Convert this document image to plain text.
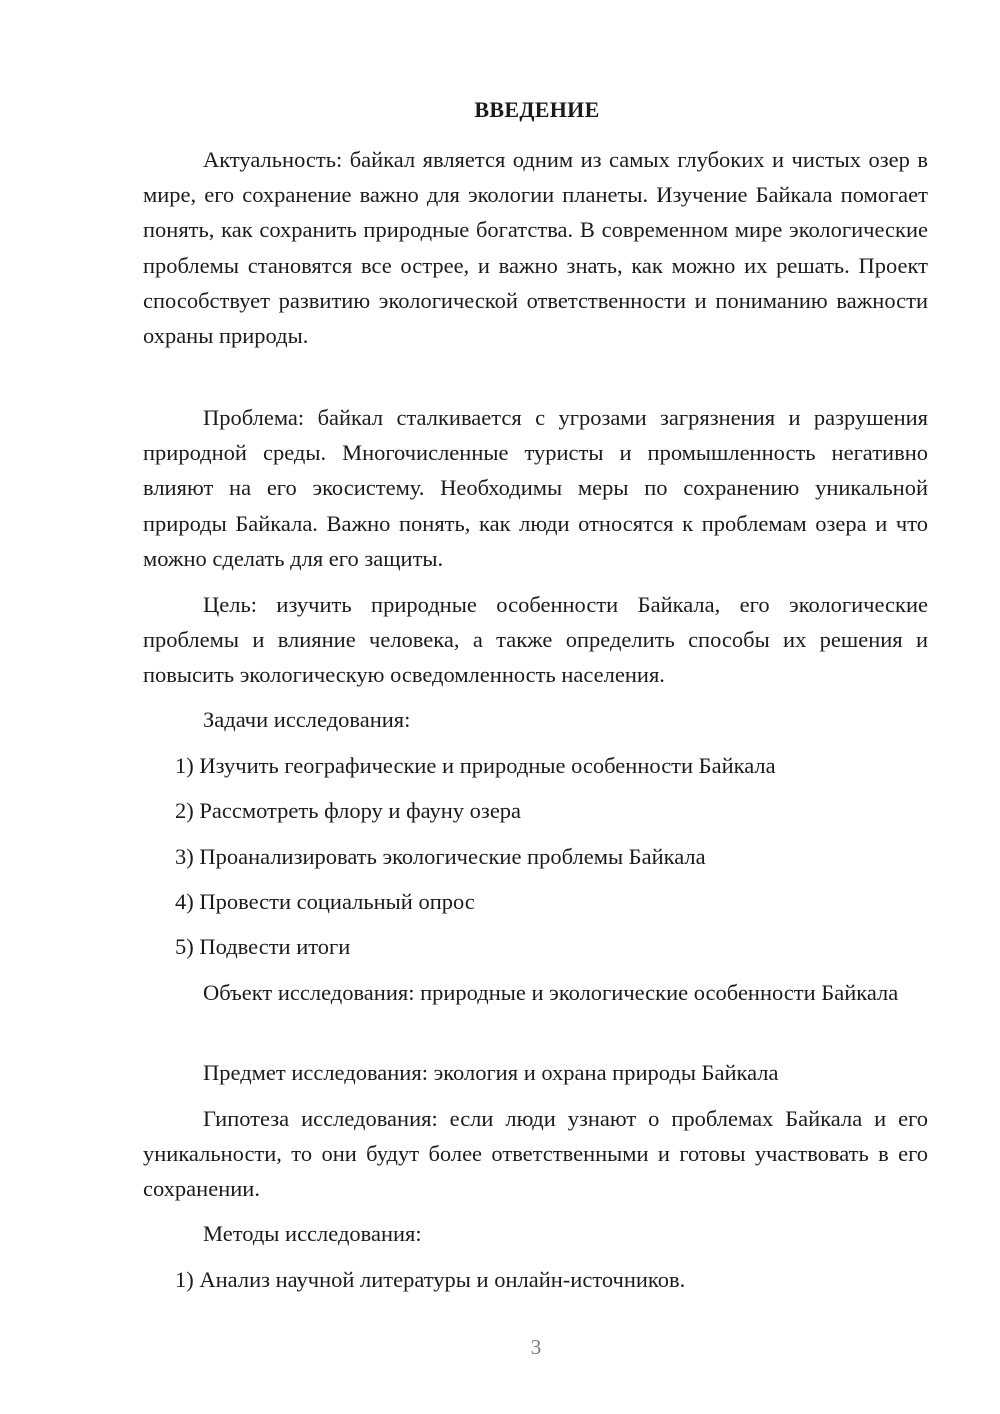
ВВЕДЕНИЕ
Актуальность: байкал является одним из самых глубоких и чистых озер в мире, его сохранение важно для экологии планеты. Изучение Байкала помогает понять, как сохранить природные богатства. В современном мире экологические проблемы становятся все острее, и важно знать, как можно их решать. Проект способствует развитию экологической ответственности и пониманию важности охраны природы.
Проблема: байкал сталкивается с угрозами загрязнения и разрушения природной среды. Многочисленные туристы и промышленность негативно влияют на его экосистему. Необходимы меры по сохранению уникальной природы Байкала. Важно понять, как люди относятся к проблемам озера и что можно сделать для его защиты.
Цель: изучить природные особенности Байкала, его экологические проблемы и влияние человека, а также определить способы их решения и повысить экологическую осведомленность населения.
Задачи исследования:
1) Изучить географические и природные особенности Байкала
2) Рассмотреть флору и фауну озера
3) Проанализировать экологические проблемы Байкала
4) Провести социальный опрос
5) Подвести итоги
Объект исследования: природные и экологические особенности Байкала
Предмет исследования: экология и охрана природы Байкала
Гипотеза исследования: если люди узнают о проблемах Байкала и его уникальности, то они будут более ответственными и готовы участвовать в его сохранении.
Методы исследования:
1) Анализ научной литературы и онлайн-источников.
3
